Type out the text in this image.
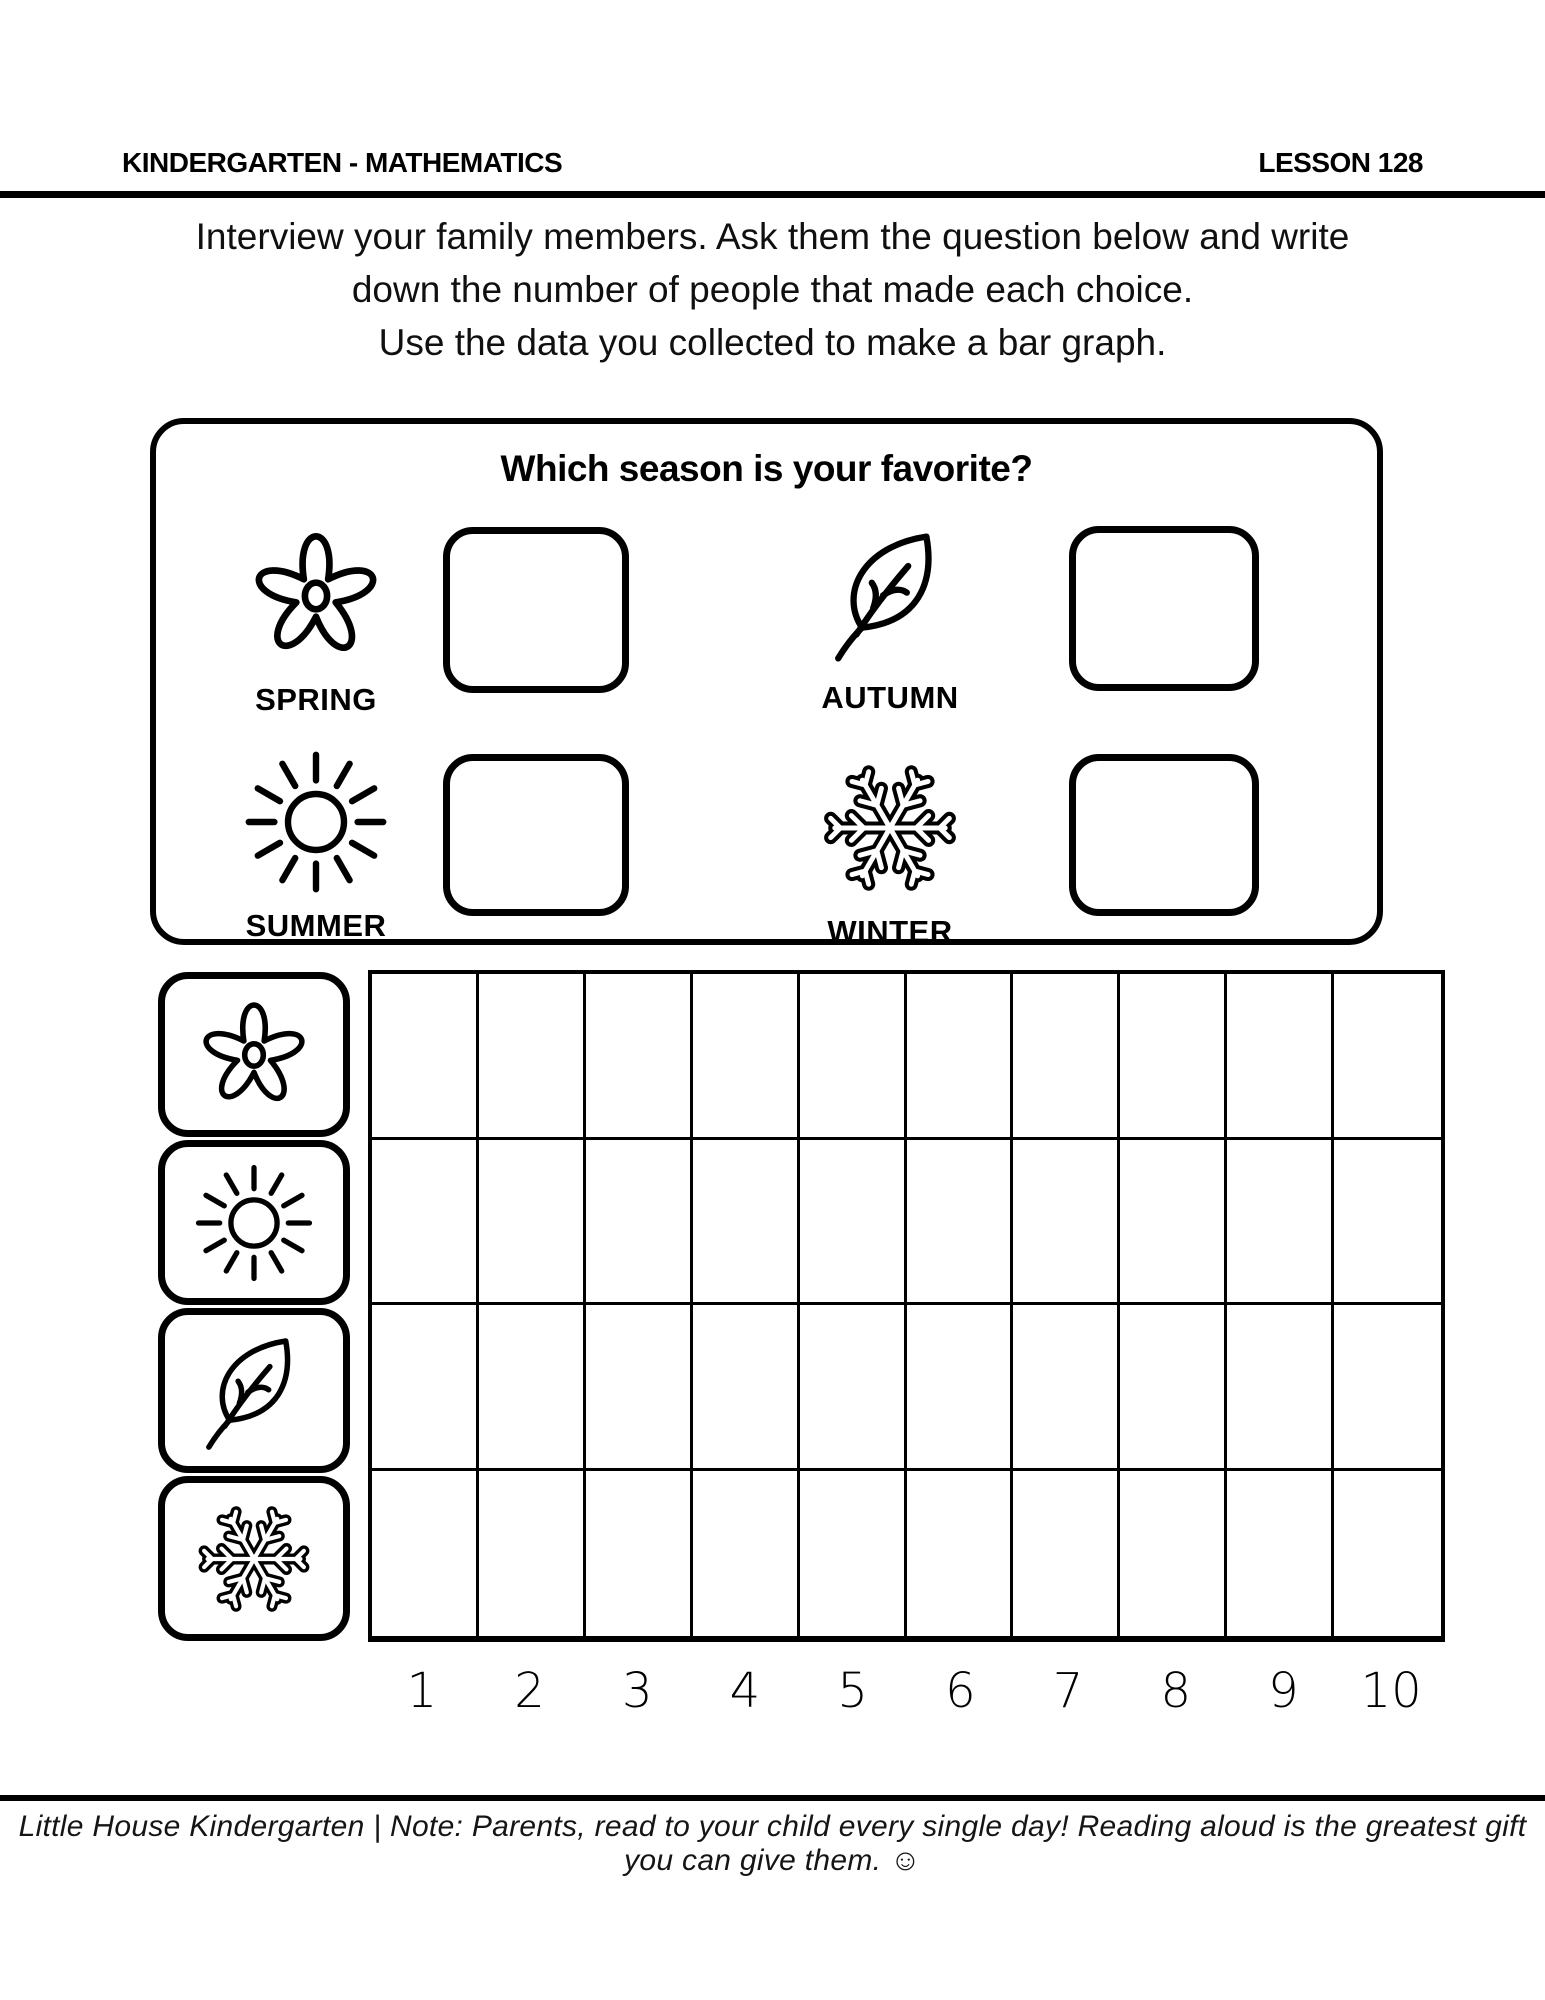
KINDERGARTEN - MATHEMATICS	LESSON 128
Interview your family members. Ask them the question below and write
down the number of people that made each choice.
Use the data you collected to make a bar graph.
Which season is your favorite?
SPRING	AUTUMN
SUMMER	WINTER
1	2	3	4	5	6	7	8	9	10
Little House Kindergarten | Note: Parents, read to your child every single day! Reading aloud is the greatest gift you can give them. ☺
